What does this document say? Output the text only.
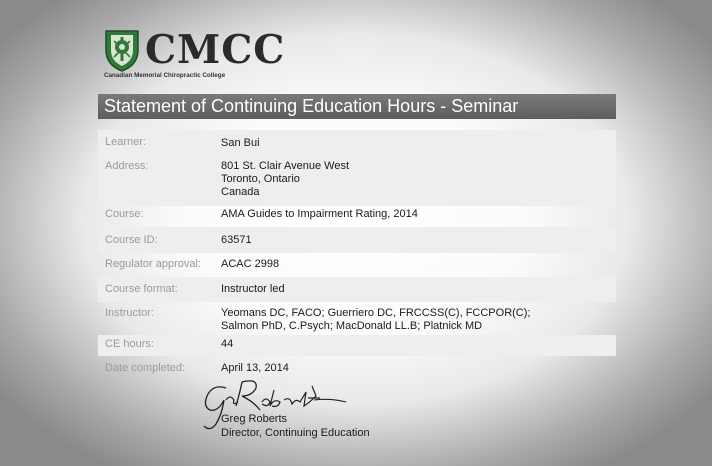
CMCC
Canadian Memorial Chiropractic College
Statement of Continuing Education Hours - Seminar
Learner:	San Bui
Address:	801 St. Clair Avenue West
Toronto, Ontario
Canada
Course:	AMA Guides to Impairment Rating, 2014
Course ID:	63571
Regulator approval: ACAC 2998
Course format:	Instructor led
Instructor:	Yeomans DC, FACO; Guerriero DC, FRCCSS(C), FCCPOR(C);
Salmon PhD, C.Psych; MacDonald LL.B; Platnick MD
CE hours:	44
Date completed:	April 13, 2014
Greg Roberts
Director, Continuing Education
